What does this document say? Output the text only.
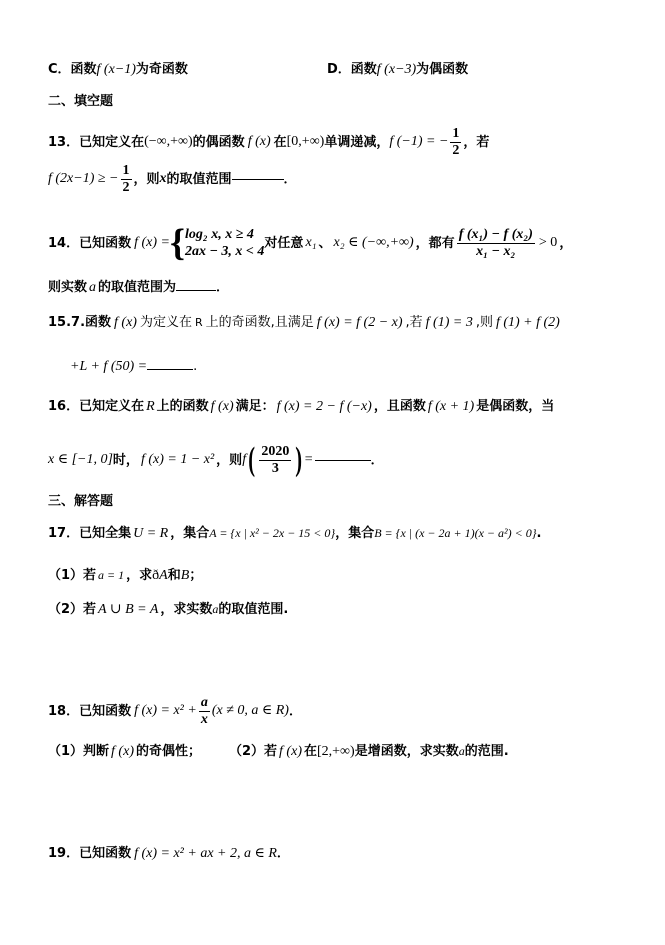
C．函数f (x−1)为奇函数	D．函数f (x−3)为偶函数
二、填空题
13．已知定义在 (−∞,+∞) 的偶函数 f (x) 在 [0,+∞) 单调递减， f (−1) = − $\frac{1}{2}$ ，若
f (2x−1) ≥ − $\frac{1}{2}$ ，则 x 的取值范围	．
14．已知函数 f (x) = { log₂ x, x ≥ 4
2ax − 3, x < 4
对任意 x₁ 、 x₂ ∈ (−∞,+∞) ，都有 $\frac{\text{f (x₁) − f (x₂)}}{\text{x₁ − x₂}} > 0$ ，
则实数 a 的取值范围为	．
15.7.函数 f (x) 为定义在 R 上的奇函数,且满足 f (x) = f (2 − x) ,若 f (1) = 3 ,则 f (1) + f (2)
+L + f (50) =	.
16．已知定义在 R 上的函数 f (x) 满足： f (x) = 2 − f (−x) ，且函数 f (x + 1) 是偶函数，当
x ∈ [−1, 0] 时， f (x) = 1 − x² ，则 f ( $\frac{2020}{3}$ ) =	．
三、解答题
17．已知全集 U = R ，集合A = {x | x² − 2x − 15 < 0}，集合B = {x | (x − 2a + 1)(x − a²) < 0}.
（1）若 a = 1 ，求ðA和B；
（2）若 A ∪ B = A ，求实数a的取值范围.
18．已知函数 f $(x) = x^2 + \frac{a}{x} (x \ne 0$, a ∈ R) ．
（1）判断 f (x) 的奇偶性； （2）若 f (x) 在[2,+∞)是增函数，求实数a的范围.
19．已知函数 f (x) = x² + ax + 2, a ∈ R．
